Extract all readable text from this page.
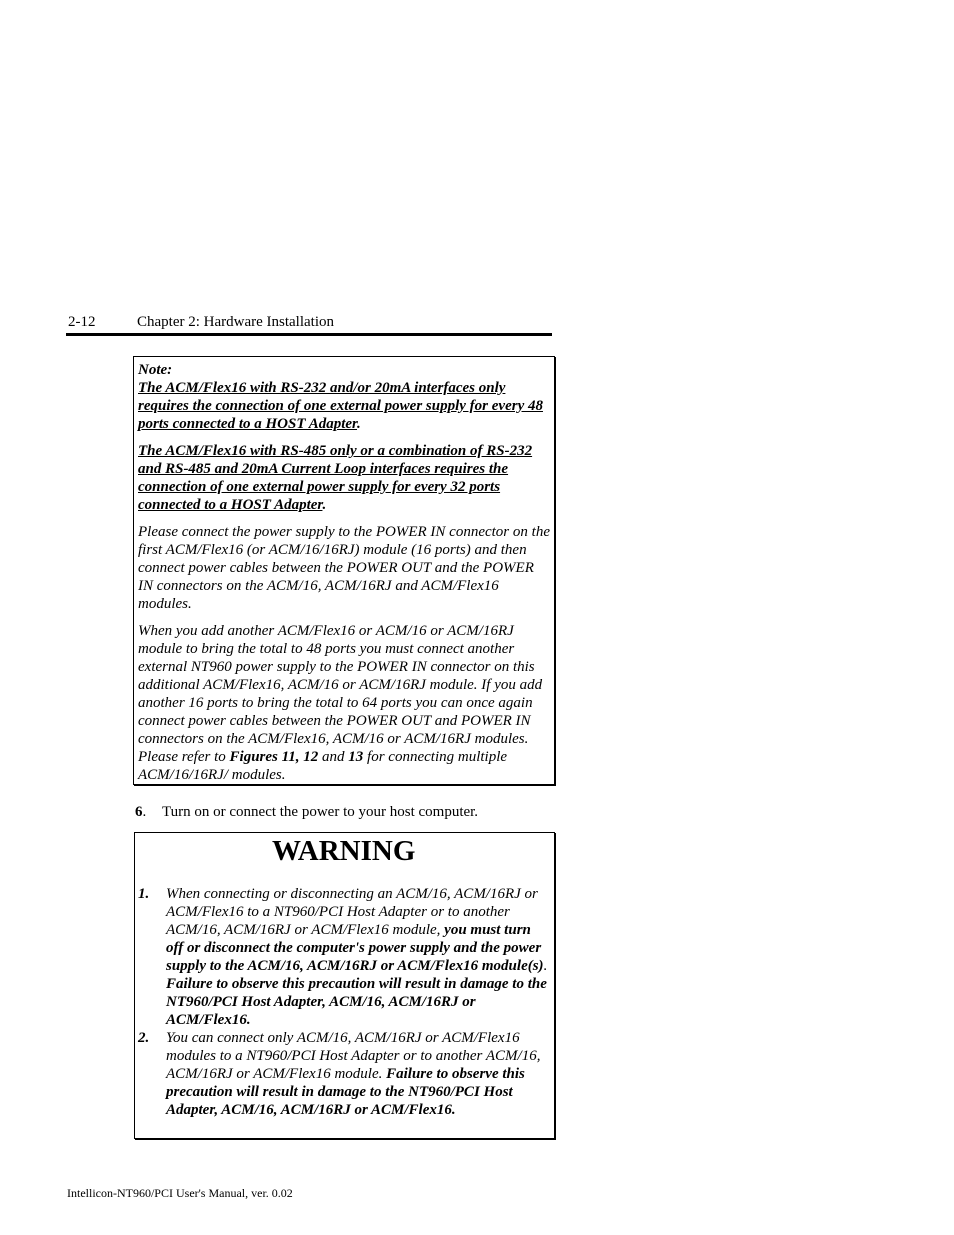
2-12	Chapter 2: Hardware Installation

Note:

The ACM/Flex16 with RS-232 and/or 20mA interfaces only requires the connection of one external power supply for every 48 ports connected to a HOST Adapter.

The ACM/Flex16 with RS-485 only or a combination of RS-232 and RS-485 and 20mA Current Loop interfaces requires the connection of one external power supply for every 32 ports connected to a HOST Adapter.

Please connect the power supply to the POWER IN connector on the first ACM/Flex16 (or ACM/16/16RJ) module (16 ports) and then connect power cables between the POWER OUT and the POWER IN connectors on the ACM/16, ACM/16RJ and ACM/Flex16 modules.

When you add another ACM/Flex16 or ACM/16 or ACM/16RJ module to bring the total to 48 ports you must connect another external NT960 power supply to the POWER IN connector on this additional ACM/Flex16, ACM/16 or ACM/16RJ module. If you add another 16 ports to bring the total to 64 ports you can once again connect power cables between the POWER OUT and POWER IN connectors on the ACM/Flex16, ACM/16 or ACM/16RJ modules. Please refer to Figures 11, 12 and 13 for connecting multiple ACM/16/16RJ/ modules.

6. Turn on or connect the power to your host computer.
WARNING

1. When connecting or disconnecting an ACM/16, ACM/16RJ or ACM/Flex16 to a NT960/PCI Host Adapter or to another ACM/16, ACM/16RJ or ACM/Flex16 module, you must turn off or disconnect the computer's power supply and the power supply to the ACM/16, ACM/16RJ or ACM/Flex16 module(s). Failure to observe this precaution will result in damage to the NT960/PCI Host Adapter, ACM/16, ACM/16RJ or ACM/Flex16.

2. You can connect only ACM/16, ACM/16RJ or ACM/Flex16 modules to a NT960/PCI Host Adapter or to another ACM/16, ACM/16RJ or ACM/Flex16 module. Failure to observe this precaution will result in damage to the NT960/PCI Host Adapter, ACM/16, ACM/16RJ or ACM/Flex16.

Intellicon-NT960/PCI User's Manual, ver. 0.02
